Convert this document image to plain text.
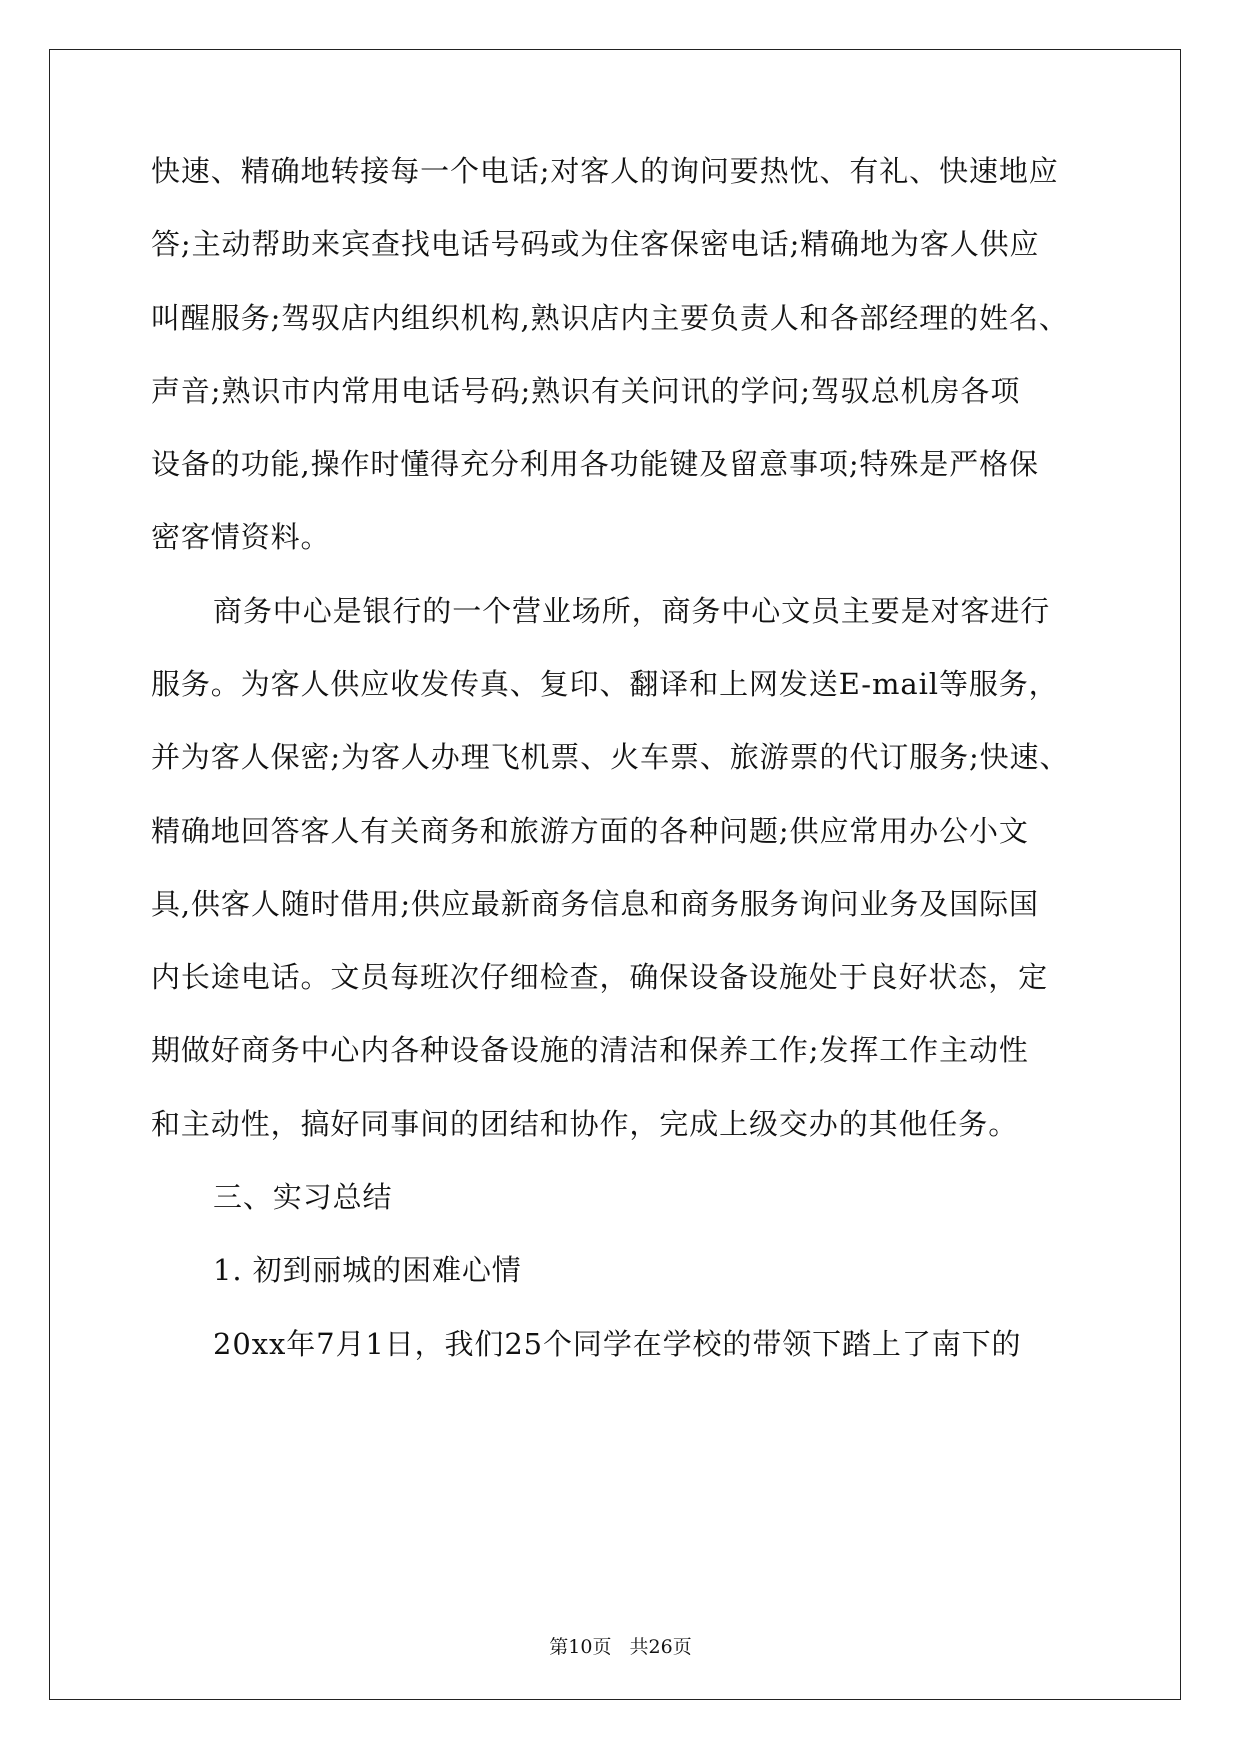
快速、精确地转接每一个电话;对客人的询问要热忱、有礼、快速地应
答;主动帮助来宾查找电话号码或为住客保密电话;精确地为客人供应
叫醒服务;驾驭店内组织机构,熟识店内主要负责人和各部经理的姓名、
声音;熟识市内常用电话号码;熟识有关问讯的学问;驾驭总机房各项
设备的功能,操作时懂得充分利用各功能键及留意事项;特殊是严格保
密客情资料。
商务中心是银行的一个营业场所，商务中心文员主要是对客进行
服务。为客人供应收发传真、复印、翻译和上网发送E-mail等服务，
并为客人保密;为客人办理飞机票、火车票、旅游票的代订服务;快速、
精确地回答客人有关商务和旅游方面的各种问题;供应常用办公小文
具,供客人随时借用;供应最新商务信息和商务服务询问业务及国际国
内长途电话。文员每班次仔细检查，确保设备设施处于良好状态，定
期做好商务中心内各种设备设施的清洁和保养工作;发挥工作主动性
和主动性，搞好同事间的团结和协作，完成上级交办的其他任务。
三、实习总结
1. 初到丽城的困难心情
20xx年7月1日，我们25个同学在学校的带领下踏上了南下的
第10页 共26页
